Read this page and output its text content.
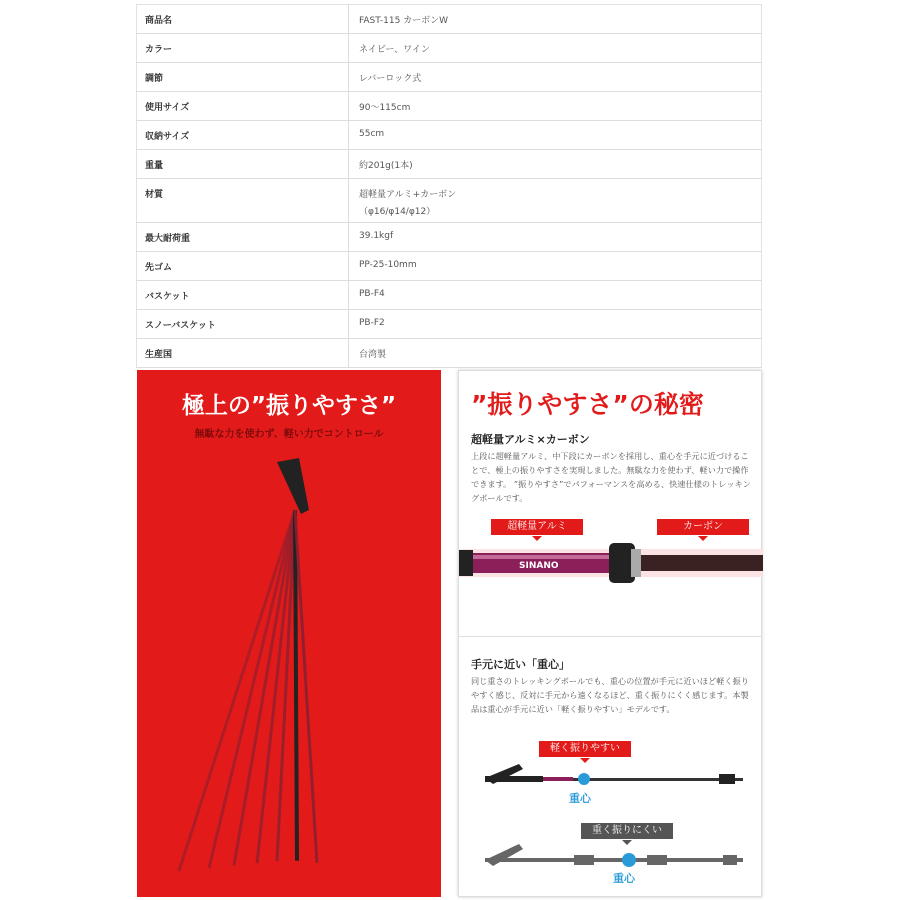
商品名	FAST-115 カーボンW

カラー	ネイビー、ワイン

調節	レバーロック式

使用サイズ	90～115cm

収納サイズ	55cm

重量	約201g(1本)

材質	超軽量アルミ+カーボン
（φ16/φ14/φ12）

最大耐荷重	39.1kgf

先ゴム	PP-25-10mm

バスケット	PB-F4

スノーバスケット	PB-F2

生産国	台湾製
極上の”振りやすさ”
無駄な力を使わず、軽い力でコントロール
”振りやすさ”の秘密
超軽量アルミ×カーボン
上段に超軽量アルミ、中下段にカーボンを採用し、重心を手元に近づけることで、極上の振りやすさを実現しました。無駄な力を使わず、軽い力で操作できます。 ”振りやすさ”でパフォーマンスを高める、快速仕様のトレッキングポールです。
超軽量アルミ	カーボン
SINANO
手元に近い「重心」
同じ重さのトレッキングポールでも、重心の位置が手元に近いほど軽く振りやすく感じ、反対に手元から遠くなるほど、重く振りにくく感じます。本製品は重心が手元に近い「軽く振りやすい」モデルです。
軽く振りやすい
重心
重心
重く振りにくい
